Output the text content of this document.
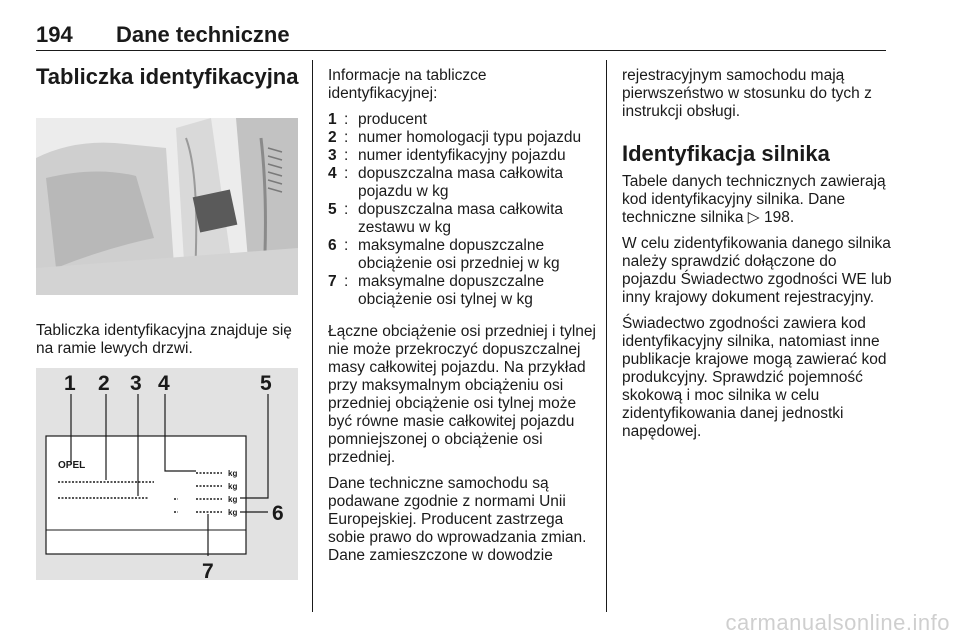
194 Dane techniczne
Tabliczka identyfikacyjna

Tabliczka identyfikacyjna znajduje się na ramie lewych drzwi.

1 2 3 4	5
6
7
OPEL
kg
kg
kg
kg

Informacje na tabliczce identyfikacyjnej:

1 : producent
2 : numer homologacji typu pojazdu
3 : numer identyfikacyjny pojazdu
4 : dopuszczalna masa całkowita pojazdu w kg
5 : dopuszczalna masa całkowita zestawu w kg
6 : maksymalne dopuszczalne obciążenie osi przedniej w kg
7 : maksymalne dopuszczalne obciążenie osi tylnej w kg

Łączne obciążenie osi przedniej i tylnej nie może przekroczyć dopuszczalnej masy całkowitej pojazdu. Na przykład przy maksymalnym obciążeniu osi przedniej obciążenie osi tylnej może być równe masie całkowitej pojazdu pomniejszonej o obciążenie osi przedniej.

Dane techniczne samochodu są podawane zgodnie z normami Unii Europejskiej. Producent zastrzega sobie prawo do wprowadzania zmian. Dane zamieszczone w dowodzie

rejestracyjnym samochodu mają pierwszeństwo w stosunku do tych z instrukcji obsługi.

Identyfikacja silnika

Tabele danych technicznych zawierają kod identyfikacyjny silnika. Dane techniczne silnika ▷ 198.

W celu zidentyfikowania danego silnika należy sprawdzić dołączone do pojazdu Świadectwo zgodności WE lub inny krajowy dokument rejestracyjny.

Świadectwo zgodności zawiera kod identyfikacyjny silnika, natomiast inne publikacje krajowe mogą zawierać kod produkcyjny. Sprawdzić pojemność skokową i moc silnika w celu zidentyfikowania danej jednostki napędowej.

carmanualsonline.info
